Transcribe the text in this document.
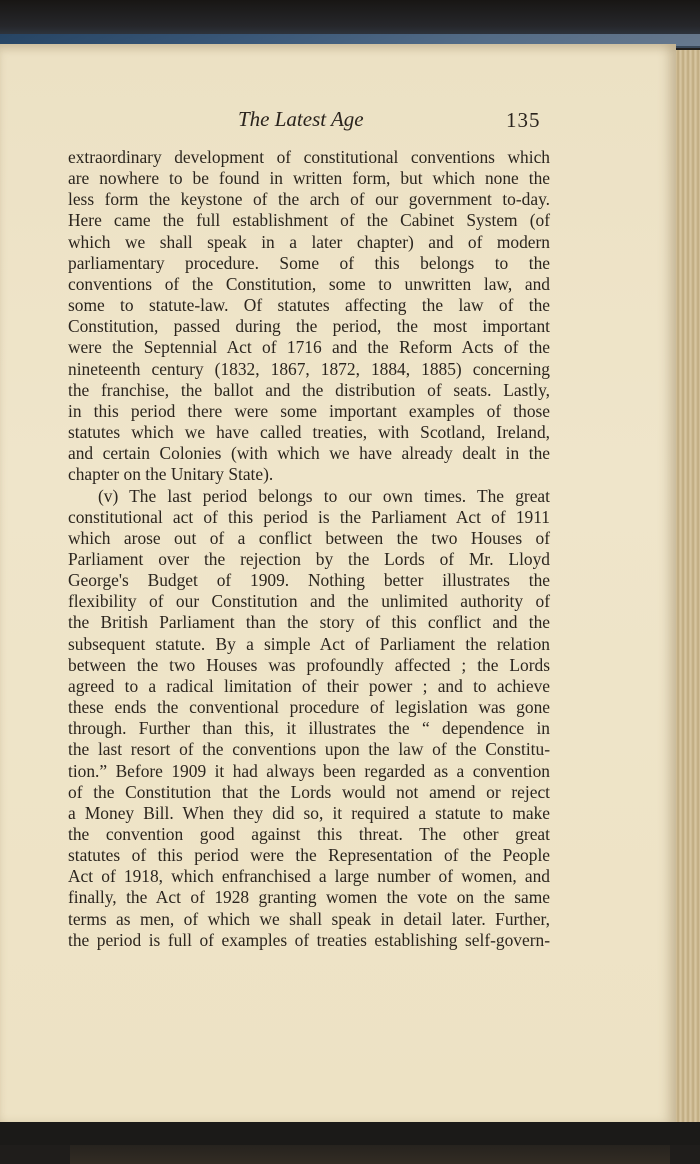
The Latest Age	135
extraordinary development of constitutional conventions which
are nowhere to be found in written form, but which none the
less form the keystone of the arch of our government to-day.
Here came the full establishment of the Cabinet System (of
which we shall speak in a later chapter) and of modern
parliamentary procedure. Some of this belongs to the
conventions of the Constitution, some to unwritten law, and
some to statute-law. Of statutes affecting the law of the
Constitution, passed during the period, the most important
were the Septennial Act of 1716 and the Reform Acts of the
nineteenth century (1832, 1867, 1872, 1884, 1885) concerning
the franchise, the ballot and the distribution of seats. Lastly,
in this period there were some important examples of those
statutes which we have called treaties, with Scotland, Ireland,
and certain Colonies (with which we have already dealt in the
chapter on the Unitary State).
(v) The last period belongs to our own times. The great
constitutional act of this period is the Parliament Act of 1911
which arose out of a conflict between the two Houses of
Parliament over the rejection by the Lords of Mr. Lloyd
George's Budget of 1909. Nothing better illustrates the
flexibility of our Constitution and the unlimited authority of
the British Parliament than the story of this conflict and the
subsequent statute. By a simple Act of Parliament the relation
between the two Houses was profoundly affected ; the Lords
agreed to a radical limitation of their power ; and to achieve
these ends the conventional procedure of legislation was gone
through. Further than this, it illustrates the “ dependence in
the last resort of the conventions upon the law of the Constitu-
tion.” Before 1909 it had always been regarded as a convention
of the Constitution that the Lords would not amend or reject
a Money Bill. When they did so, it required a statute to make
the convention good against this threat. The other great
statutes of this period were the Representation of the People
Act of 1918, which enfranchised a large number of women, and
finally, the Act of 1928 granting women the vote on the same
terms as men, of which we shall speak in detail later. Further,
the period is full of examples of treaties establishing self-govern-
